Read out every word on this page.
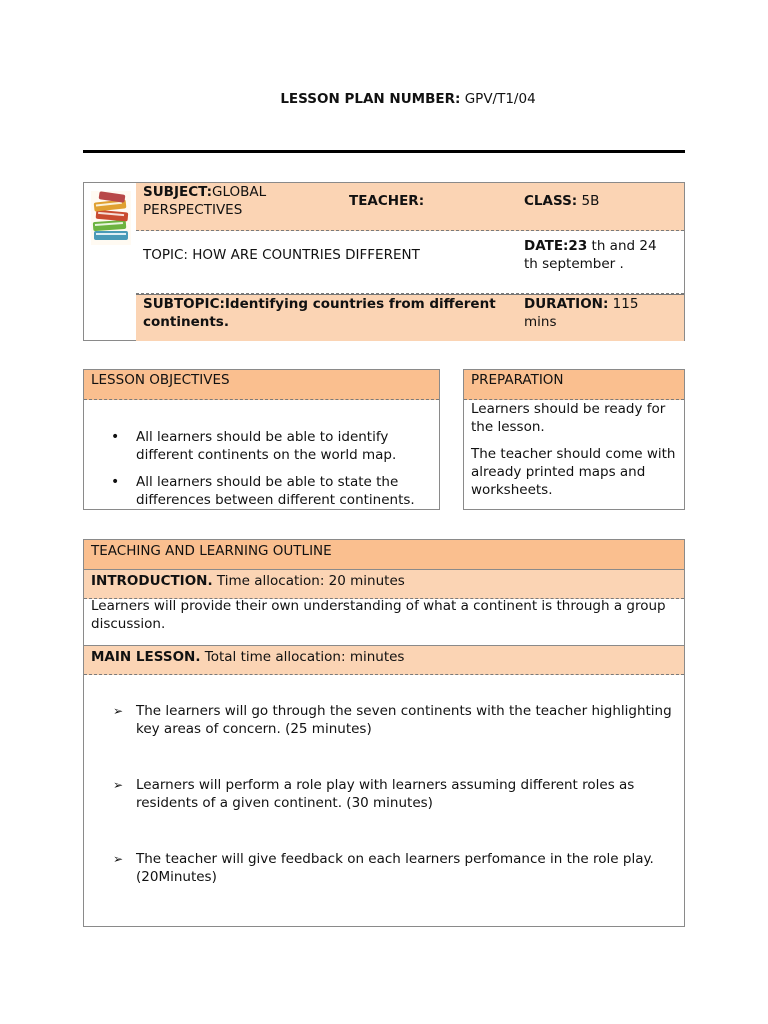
LESSON PLAN NUMBER: GPV/T1/04
SUBJECT:GLOBAL PERSPECTIVES
TEACHER:	CLASS: 5B
TOPIC: HOW ARE COUNTRIES DIFFERENT
DATE:23 th and 24 th september .
SUBTOPIC:Identifying countries from different continents.
DURATION: 115 mins
LESSON OBJECTIVES
• All learners should be able to identify different continents on the world map.
• All learners should be able to state the differences between different continents.
PREPARATION
Learners should be ready for the lesson.
The teacher should come with already printed maps and worksheets.
TEACHING AND LEARNING OUTLINE
INTRODUCTION. Time allocation: 20 minutes
Learners will provide their own understanding of what a continent is through a group discussion.
MAIN LESSON. Total time allocation: minutes
➢ The learners will go through the seven continents with the teacher highlighting key areas of concern. (25 minutes)
➢ Learners will perform a role play with learners assuming different roles as residents of a given continent. (30 minutes)
➢ The teacher will give feedback on each learners perfomance in the role play. (20Minutes)
